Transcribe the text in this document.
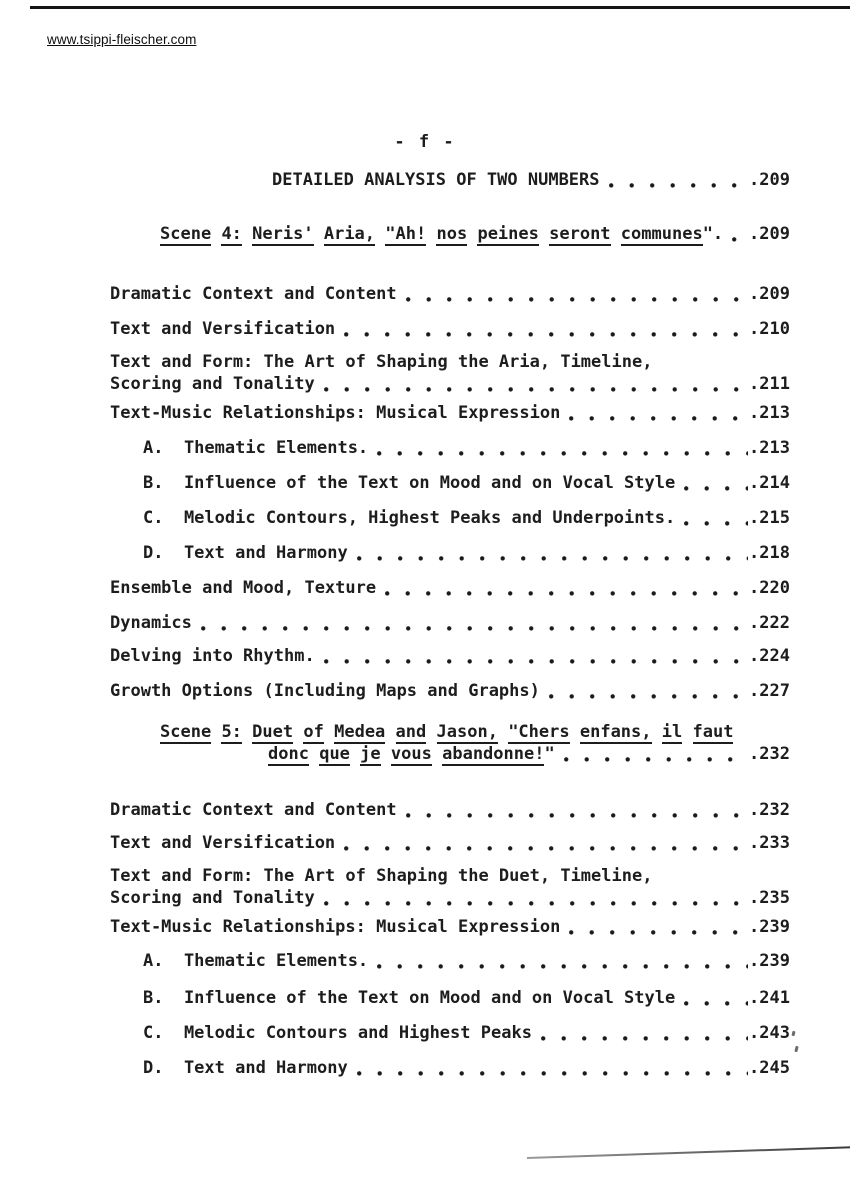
www.tsippi-fleischer.com
- f -
DETAILED ANALYSIS OF TWO NUMBERS	.209
Scene 4: Neris' Aria, "Ah! nos peines seront communes". .209
Dramatic Context and Content	.209
Text and Versification	.210
Text and Form: The Art of Shaping the Aria, Timeline,
Scoring and Tonality	.211
Text-Music Relationships: Musical Expression	.213
A.  Thematic Elements.	.213
B.  Influence of the Text on Mood and on Vocal Style	.214
C.  Melodic Contours, Highest Peaks and Underpoints.	.215
D.  Text and Harmony	.218
Ensemble and Mood, Texture	.220
Dynamics	.222
Delving into Rhythm.	.224
Growth Options (Including Maps and Graphs)	.227
Scene 5: Duet of Medea and Jason, "Chers enfans, il faut
donc que je vous abandonne!"	.232
Dramatic Context and Content	.232
Text and Versification	.233
Text and Form: The Art of Shaping the Duet, Timeline,
Scoring and Tonality	.235
Text-Music Relationships: Musical Expression	.239
A.  Thematic Elements.	.239
B.  Influence of the Text on Mood and on Vocal Style	.241
C.  Melodic Contours and Highest Peaks	.243
D.  Text and Harmony	.245
